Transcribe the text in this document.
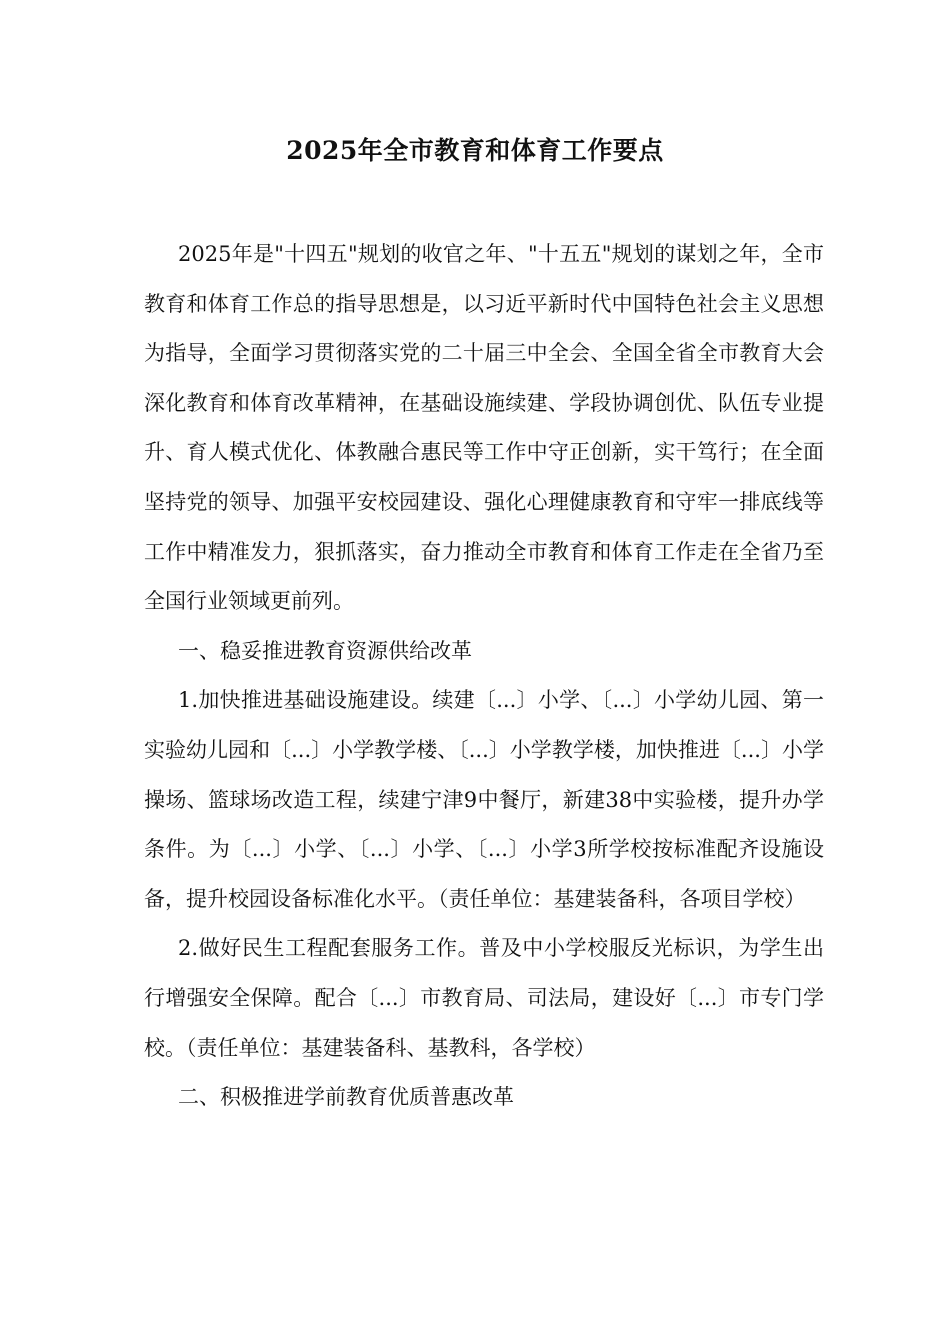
2025年全市教育和体育工作要点

2025年是"十四五"规划的收官之年、"十五五"规划的谋划之年，全市教育和体育工作总的指导思想是，以习近平新时代中国特色社会主义思想为指导，全面学习贯彻落实党的二十届三中全会、全国全省全市教育大会深化教育和体育改革精神，在基础设施续建、学段协调创优、队伍专业提升、育人模式优化、体教融合惠民等工作中守正创新，实干笃行；在全面坚持党的领导、加强平安校园建设、强化心理健康教育和守牢一排底线等工作中精准发力，狠抓落实，奋力推动全市教育和体育工作走在全省乃至全国行业领域更前列。

一、稳妥推进教育资源供给改革

1.加快推进基础设施建设。续建〔...〕小学、〔...〕小学幼儿园、第一实验幼儿园和〔...〕小学教学楼、〔...〕小学教学楼，加快推进〔...〕小学操场、篮球场改造工程，续建宁津9中餐厅，新建38中实验楼，提升办学条件。为〔...〕小学、〔...〕小学、〔...〕小学3所学校按标准配齐设施设备，提升校园设备标准化水平。（责任单位：基建装备科，各项目学校）

2.做好民生工程配套服务工作。普及中小学校服反光标识，为学生出行增强安全保障。配合〔...〕市教育局、司法局，建设好〔...〕市专门学校。（责任单位：基建装备科、基教科，各学校）

二、积极推进学前教育优质普惠改革
